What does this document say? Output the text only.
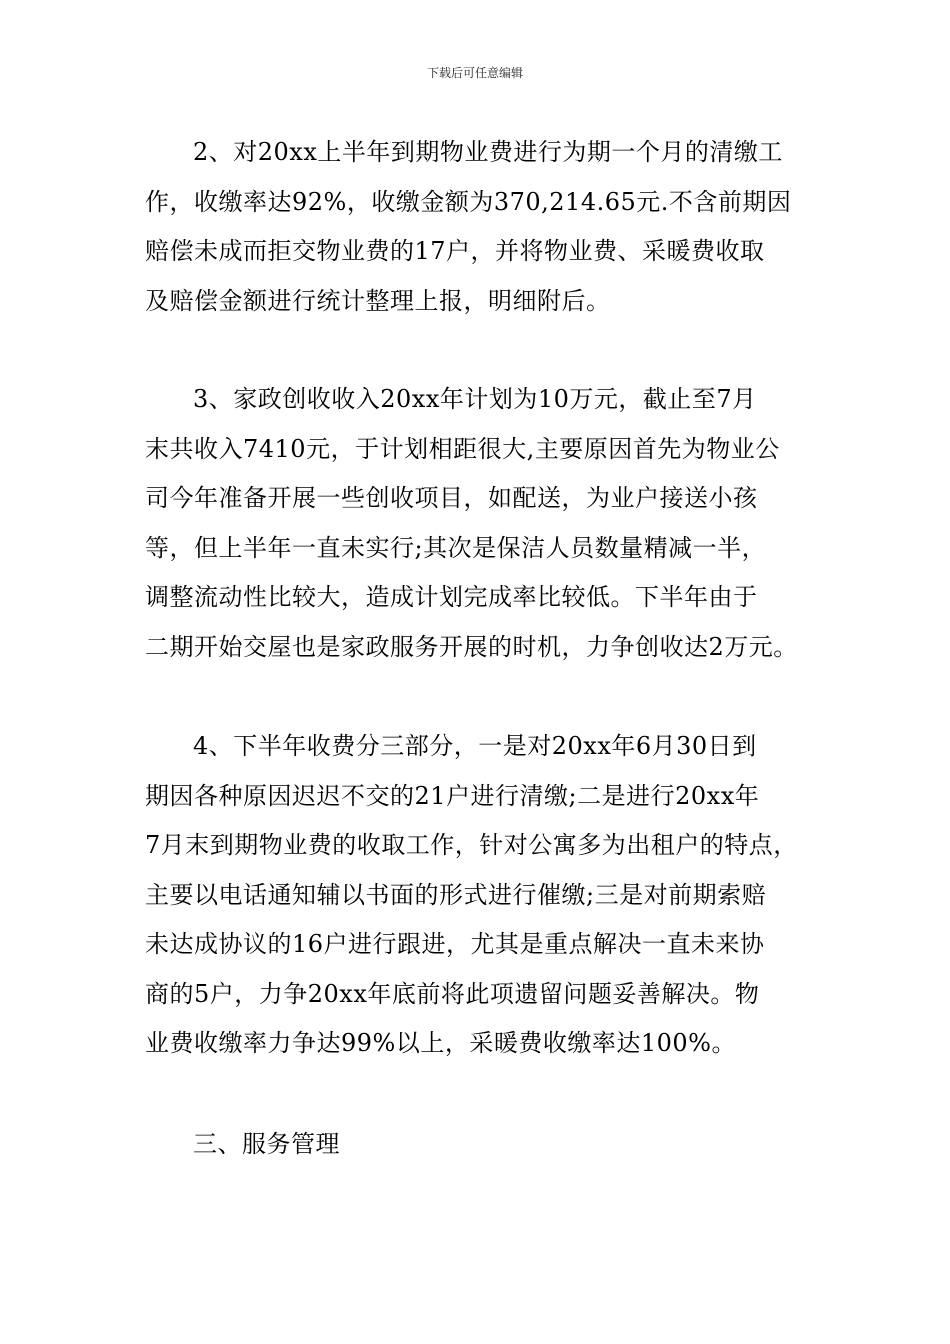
下载后可任意编辑

2、对20xx上半年到期物业费进行为期一个月的清缴工
作，收缴率达92%，收缴金额为370,214.65元.不含前期因
赔偿未成而拒交物业费的17户，并将物业费、采暖费收取
及赔偿金额进行统计整理上报，明细附后。

3、家政创收收入20xx年计划为10万元，截止至7月
末共收入7410元，于计划相距很大,主要原因首先为物业公
司今年准备开展一些创收项目，如配送，为业户接送小孩
等，但上半年一直未实行;其次是保洁人员数量精减一半，
调整流动性比较大，造成计划完成率比较低。下半年由于
二期开始交屋也是家政服务开展的时机，力争创收达2万元。

4、下半年收费分三部分，一是对20xx年6月30日到
期因各种原因迟迟不交的21户进行清缴;二是进行20xx年
7月末到期物业费的收取工作，针对公寓多为出租户的特点，
主要以电话通知辅以书面的形式进行催缴;三是对前期索赔
未达成协议的16户进行跟进，尤其是重点解决一直未来协
商的5户，力争20xx年底前将此项遗留问题妥善解决。物
业费收缴率力争达99%以上，采暖费收缴率达100%。

三、服务管理
